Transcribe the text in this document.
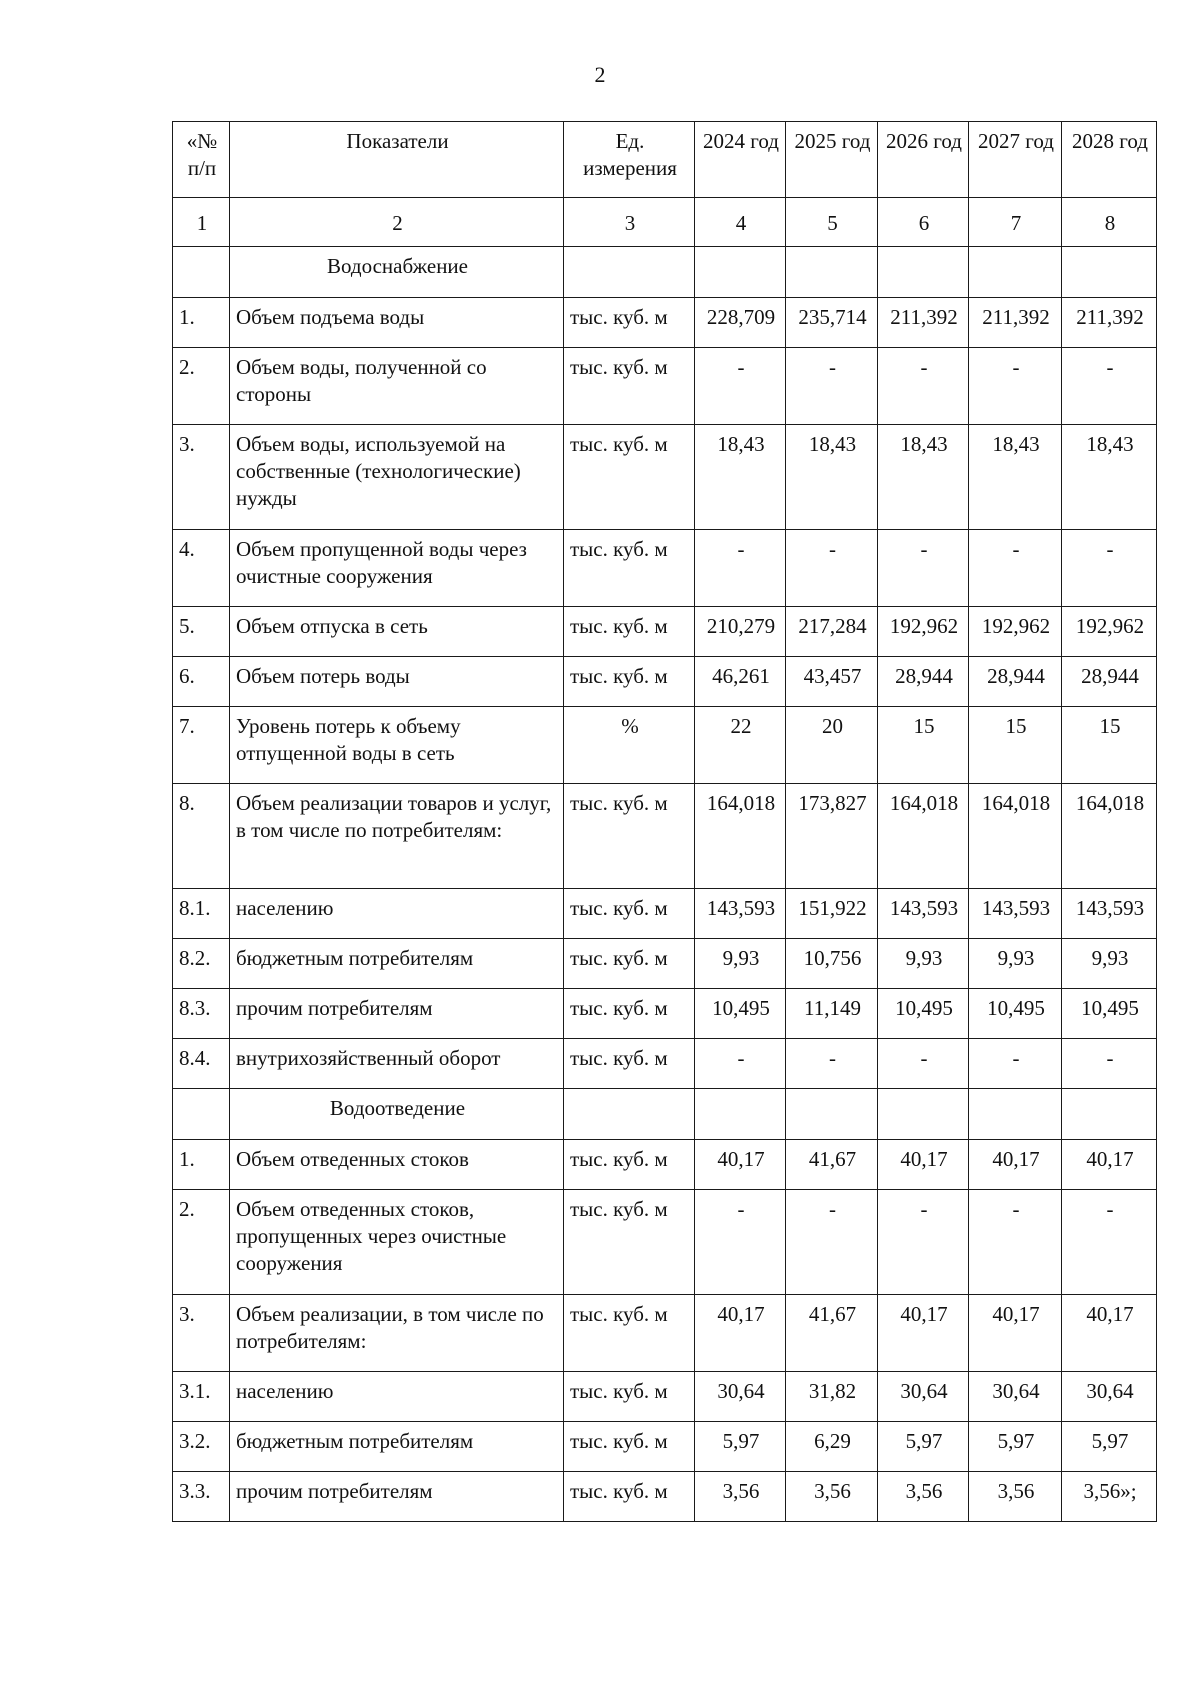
2
«№ п/п	Показатели	Ед. измерения	2024 год	2025 год	2026 год	2027 год	2028 год
1	2	3	4	5	6	7	8
	Водоснабжение						
1.	Объем подъема воды	тыс. куб. м	228,709	235,714	211,392	211,392	211,392
2.	Объем воды, полученной со стороны	тыс. куб. м	-	-	-	-	-
3.	Объем воды, используемой на собственные (технологические) нужды	тыс. куб. м	18,43	18,43	18,43	18,43	18,43
4.	Объем пропущенной воды через очистные сооружения	тыс. куб. м	-	-	-	-	-
5.	Объем отпуска в сеть	тыс. куб. м	210,279	217,284	192,962	192,962	192,962
6.	Объем потерь воды	тыс. куб. м	46,261	43,457	28,944	28,944	28,944
7.	Уровень потерь к объему отпущенной воды в сеть	%	22	20	15	15	15
8.	Объем реализации товаров и услуг, в том числе по потребителям:	тыс. куб. м	164,018	173,827	164,018	164,018	164,018
8.1.	населению	тыс. куб. м	143,593	151,922	143,593	143,593	143,593
8.2.	бюджетным потребителям	тыс. куб. м	9,93	10,756	9,93	9,93	9,93
8.3.	прочим потребителям	тыс. куб. м	10,495	11,149	10,495	10,495	10,495
8.4.	внутрихозяйственный оборот	тыс. куб. м	-	-	-	-	-
	Водоотведение						
1.	Объем отведенных стоков	тыс. куб. м	40,17	41,67	40,17	40,17	40,17
2.	Объем отведенных стоков, пропущенных через очистные сооружения	тыс. куб. м	-	-	-	-	-
3.	Объем реализации, в том числе по потребителям:	тыс. куб. м	40,17	41,67	40,17	40,17	40,17
3.1.	населению	тыс. куб. м	30,64	31,82	30,64	30,64	30,64
3.2.	бюджетным потребителям	тыс. куб. м	5,97	6,29	5,97	5,97	5,97
3.3.	прочим потребителям	тыс. куб. м	3,56	3,56	3,56	3,56	3,56»;
